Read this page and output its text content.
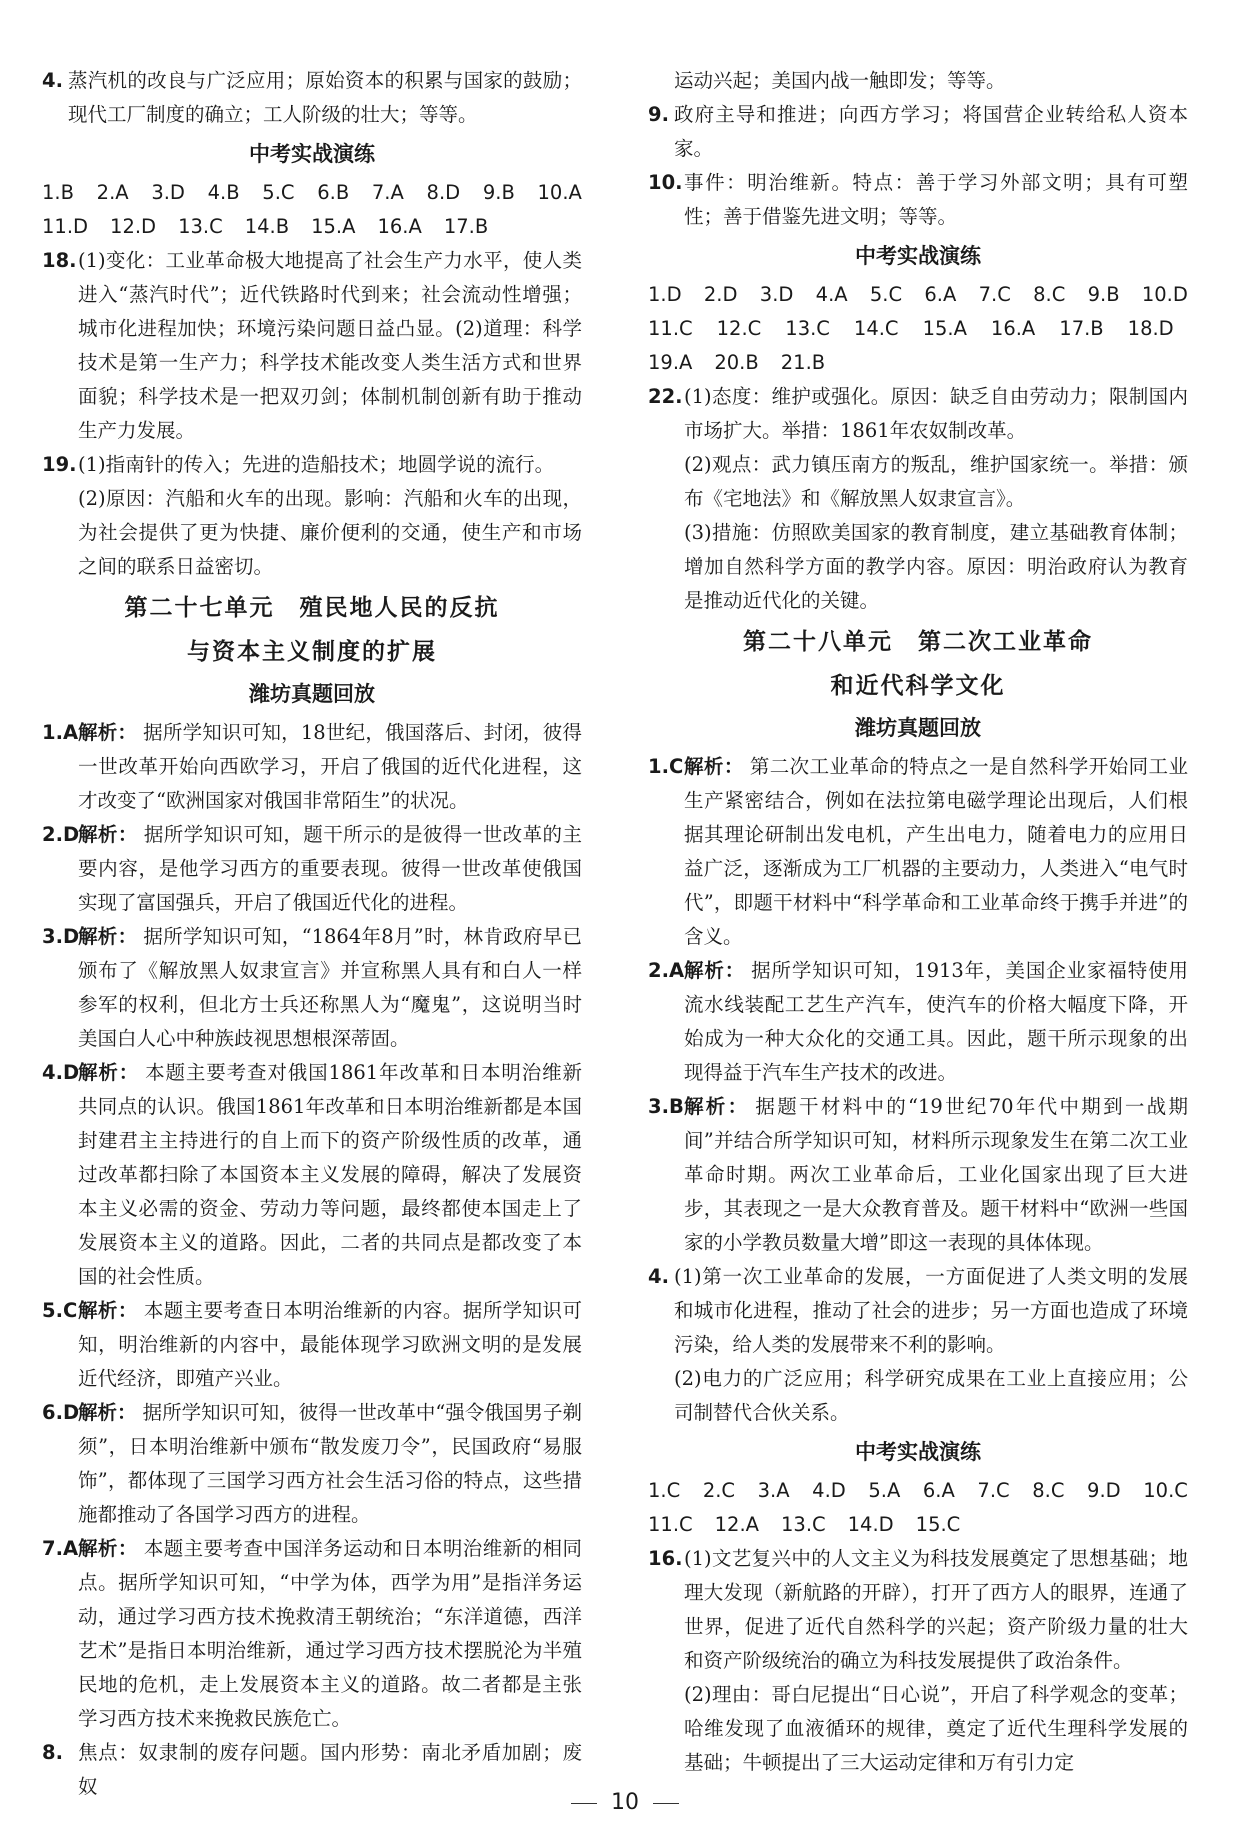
4. 蒸汽机的改良与广泛应用；原始资本的积累与国家的鼓励；现代工厂制度的确立；工人阶级的壮大；等等。

中考实战演练
1.B 2.A 3.D 4.B 5.C 6.B 7.A 8.D 9.B 10.A
11.D 12.D 13.C 14.B 15.A 16.A 17.B

18. (1)变化：工业革命极大地提高了社会生产力水平，使人类进入“蒸汽时代”；近代铁路时代到来；社会流动性增强；城市化进程加快；环境污染问题日益凸显。(2)道理：科学技术是第一生产力；科学技术能改变人类生活方式和世界面貌；科学技术是一把双刃剑；体制机制创新有助于推动生产力发展。

19. (1)指南针的传入；先进的造船技术；地圆学说的流行。

(2)原因：汽船和火车的出现。影响：汽船和火车的出现，为社会提供了更为快捷、廉价便利的交通，使生产和市场之间的联系日益密切。

第二十七单元　殖民地人民的反抗
与资本主义制度的扩展
潍坊真题回放

1.A 解析： 据所学知识可知，18世纪，俄国落后、封闭，彼得一世改革开始向西欧学习，开启了俄国的近代化进程，这才改变了“欧洲国家对俄国非常陌生”的状况。

2.D
解析： 据所学知识可知，题干所示的是彼得一世改革的主要内容，是他学习西方的重要表现。彼得一世改革使俄国实现了富国强兵，开启了俄国近代化的进程。

3.D
解析： 据所学知识可知，“1864年8月”时，林肯政府早已颁布了《解放黑人奴隶宣言》并宣称黑人具有和白人一样参军的权利，但北方士兵还称黑人为“魔鬼”，这说明当时美国白人心中种族歧视思想根深蒂固。

4.D
解析： 本题主要考查对俄国1861年改革和日本明治维新共同点的认识。俄国1861年改革和日本明治维新都是本国封建君主主持进行的自上而下的资产阶级性质的改革，通过改革都扫除了本国资本主义发展的障碍，解决了发展资本主义必需的资金、劳动力等问题，最终都使本国走上了发展资本主义的道路。因此，二者的共同点是都改变了本国的社会性质。

5.C 解析： 本题主要考查日本明治维新的内容。据所学知识可知，明治维新的内容中，最能体现学习欧洲文明的是发展近代经济，即殖产兴业。

6.D
解析： 据所学知识可知，彼得一世改革中“强令俄国男子剃须”，日本明治维新中颁布“散发废刀令”，民国政府“易服饰”，都体现了三国学习西方社会生活习俗的特点，这些措施都推动了各国学习西方的进程。

7.A 解析： 本题主要考查中国洋务运动和日本明治维新的相同点。据所学知识可知，“中学为体，西学为用”是指洋务运动，通过学习西方技术挽救清王朝统治；“东洋道德，西洋艺术”是指日本明治维新，通过学习西方技术摆脱沦为半殖民地的危机，走上发展资本主义的道路。故二者都是主张学习西方技术来挽救民族危亡。

8. 焦点：奴隶制的废存问题。国内形势：南北矛盾加剧；废奴

运动兴起；美国内战一触即发；等等。

9. 政府主导和推进；向西方学习；将国营企业转给私人资本家。

10. 事件：明治维新。特点：善于学习外部文明；具有可塑性；善于借鉴先进文明；等等。

中考实战演练
1.D 2.D 3.D 4.A 5.C 6.A 7.C 8.C 9.B 10.D
11.C 12.C 13.C 14.C 15.A 16.A 17.B 18.D
19.A 20.B 21.B

22. (1)态度：维护或强化。原因：缺乏自由劳动力；限制国内市场扩大。举措：1861年农奴制改革。

(2)观点：武力镇压南方的叛乱，维护国家统一。举措：颁布《宅地法》和《解放黑人奴隶宣言》。

(3)措施：仿照欧美国家的教育制度，建立基础教育体制；增加自然科学方面的教学内容。原因：明治政府认为教育是推动近代化的关键。

第二十八单元　第二次工业革命
和近代科学文化
潍坊真题回放

1.C 解析： 第二次工业革命的特点之一是自然科学开始同工业生产紧密结合，例如在法拉第电磁学理论出现后，人们根据其理论研制出发电机，产生出电力，随着电力的应用日益广泛，逐渐成为工厂机器的主要动力，人类进入“电气时代”，即题干材料中“科学革命和工业革命终于携手并进”的含义。

2.A 解析： 据所学知识可知，1913年，美国企业家福特使用流水线装配工艺生产汽车，使汽车的价格大幅度下降，开始成为一种大众化的交通工具。因此，题干所示现象的出现得益于汽车生产技术的改进。

3.B 解析： 据题干材料中的“19世纪70年代中期到一战期间”并结合所学知识可知，材料所示现象发生在第二次工业革命时期。两次工业革命后，工业化国家出现了巨大进步，其表现之一是大众教育普及。题干材料中“欧洲一些国家的小学教员数量大增”即这一表现的具体体现。

4. (1)第一次工业革命的发展，一方面促进了人类文明的发展和城市化进程，推动了社会的进步；另一方面也造成了环境污染，给人类的发展带来不利的影响。

(2)电力的广泛应用；科学研究成果在工业上直接应用；公司制替代合伙关系。

中考实战演练
1.C 2.C 3.A 4.D 5.A 6.A 7.C 8.C 9.D 10.C
11.C 12.A 13.C 14.D 15.C

16. (1)文艺复兴中的人文主义为科技发展奠定了思想基础；地理大发现（新航路的开辟），打开了西方人的眼界，连通了世界，促进了近代自然科学的兴起；资产阶级力量的壮大和资产阶级统治的确立为科技发展提供了政治条件。

(2)理由：哥白尼提出“日心说”，开启了科学观念的变革；哈维发现了血液循环的规律，奠定了近代生理科学发展的基础；牛顿提出了三大运动定律和万有引力定

10
